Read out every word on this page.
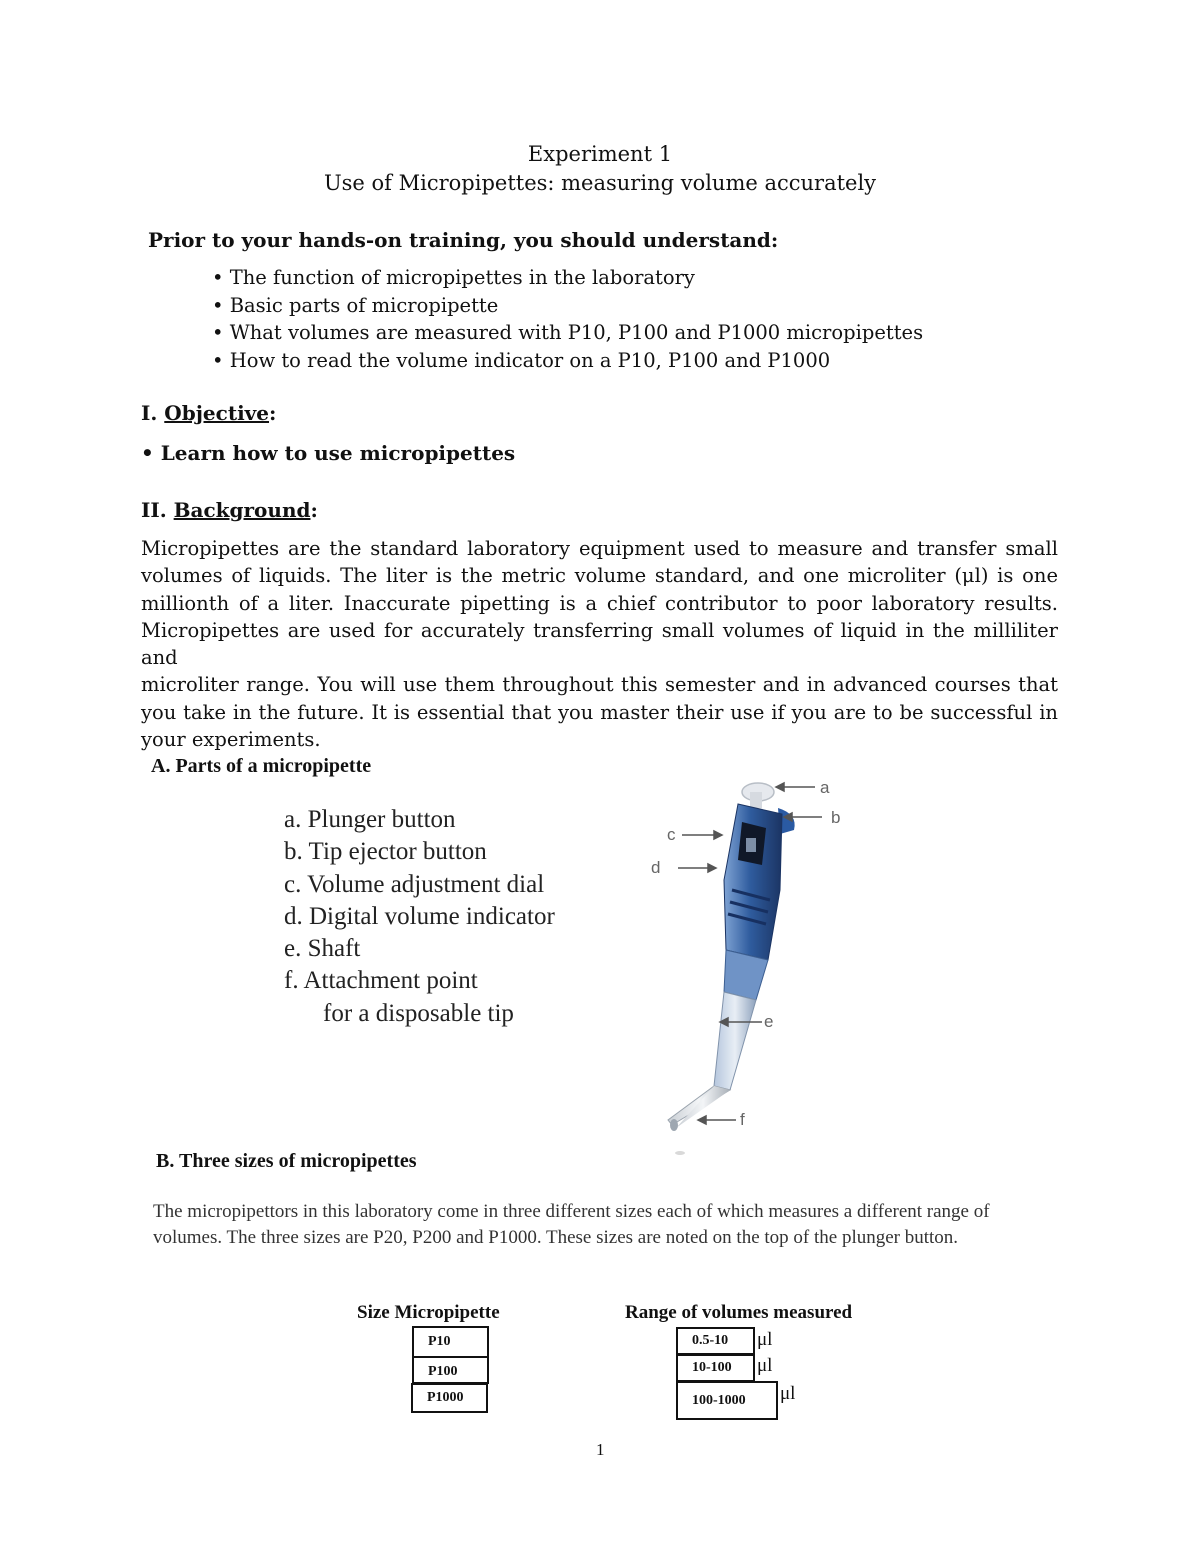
Experiment 1
Use of Micropipettes: measuring volume accurately
Prior to your hands-on training, you should understand:
• The function of micropipettes in the laboratory
• Basic parts of micropipette
• What volumes are measured with P10, P100 and P1000 micropipettes
• How to read the volume indicator on a P10, P100 and P1000
I. Objective:
• Learn how to use micropipettes
II. Background:
Micropipettes are the standard laboratory equipment used to measure and transfer small
volumes of liquids. The liter is the metric volume standard, and one microliter (μl) is one
millionth of a liter. Inaccurate pipetting is a chief contributor to poor laboratory results.
Micropipettes are used for accurately transferring small volumes of liquid in the milliliter and
microliter range. You will use them throughout this semester and in advanced courses that
you take in the future. It is essential that you master their use if you are to be successful in
your experiments.
A. Parts of a micropipette
a. Plunger button
b. Tip ejector button
c. Volume adjustment dial
d. Digital volume indicator
e. Shaft
f. Attachment point
for a disposable tip
a
b
c
d
e
f
B. Three sizes of micropipettes
The micropipettors in this laboratory come in three different sizes each of which measures a different range of volumes. The three sizes are P20, P200 and P1000. These sizes are noted on the top of the plunger button.
Size Micropipette	Range of volumes measured
P10
P100
P1000
0.5-10
10-100
100-1000
μl
μl
μl
1
